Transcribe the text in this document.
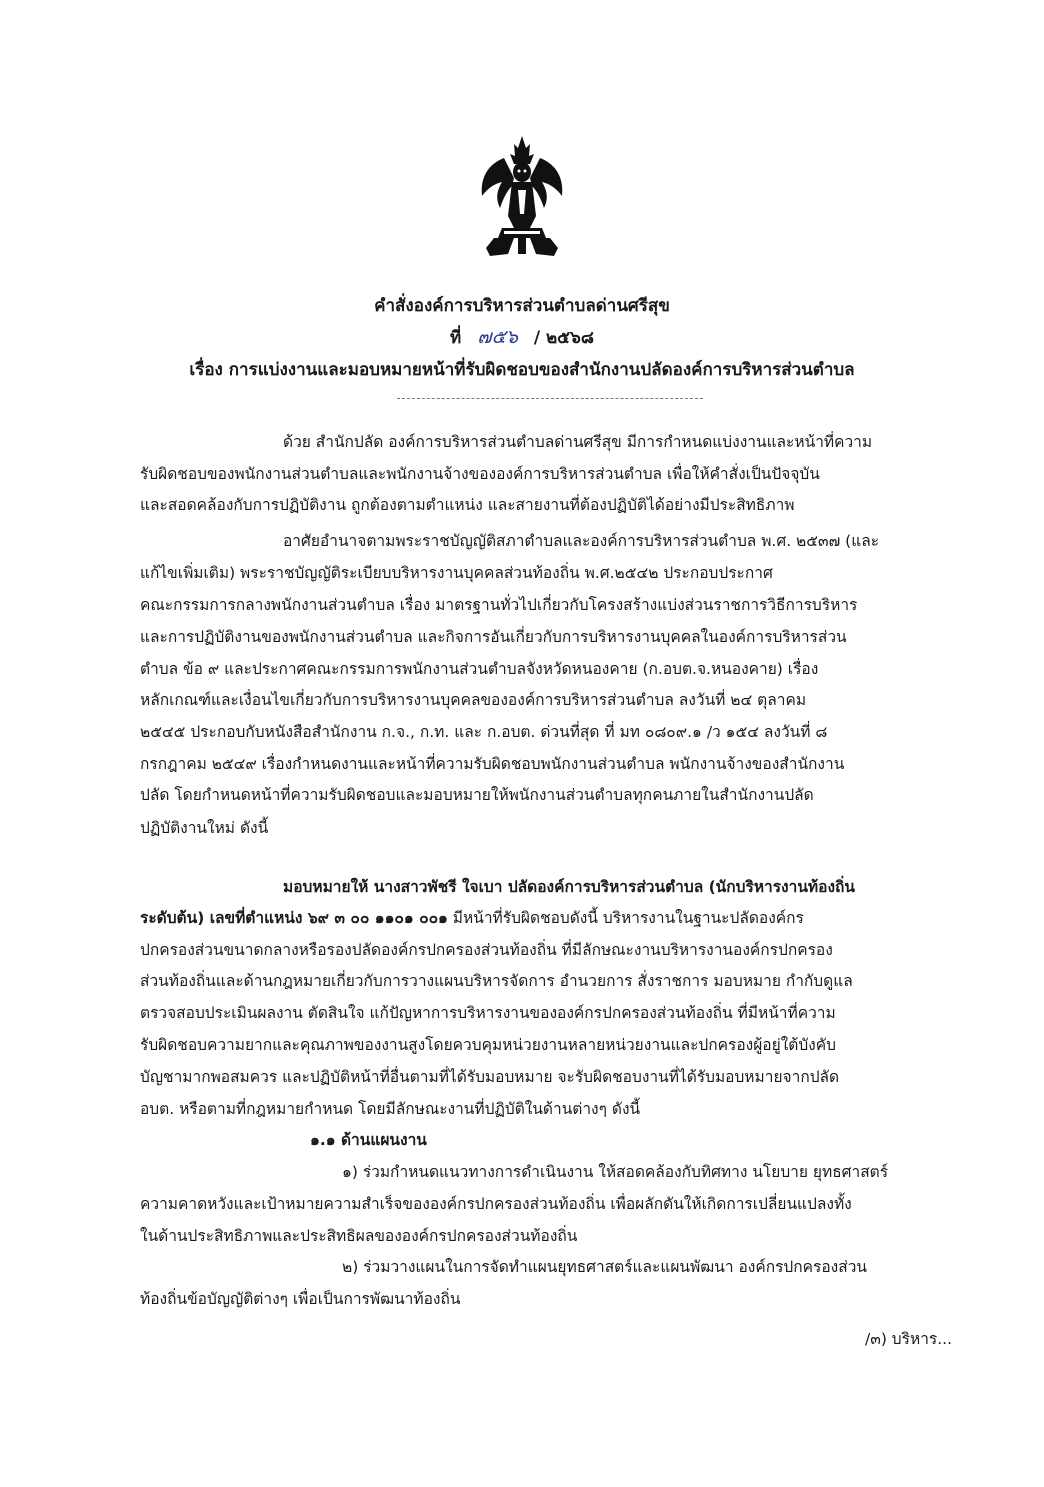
คำสั่งองค์การบริหารส่วนตำบลด่านศรีสุข
ที่ ๗๕๖ / ๒๕๖๘
เรื่อง การแบ่งงานและมอบหมายหน้าที่รับผิดชอบของสำนักงานปลัดองค์การบริหารส่วนตำบล
ด้วย สำนักปลัด องค์การบริหารส่วนตำบลด่านศรีสุข มีการกำหนดแบ่งงานและหน้าที่ความ
รับผิดชอบของพนักงานส่วนตำบลและพนักงานจ้างขององค์การบริหารส่วนตำบล เพื่อให้คำสั่งเป็นปัจจุบัน
และสอดคล้องกับการปฏิบัติงาน ถูกต้องตามตำแหน่ง และสายงานที่ต้องปฏิบัติได้อย่างมีประสิทธิภาพ
อาศัยอำนาจตามพระราชบัญญัติสภาตำบลและองค์การบริหารส่วนตำบล พ.ศ. ๒๕๓๗ (และ
แก้ไขเพิ่มเติม) พระราชบัญญัติระเบียบบริหารงานบุคคลส่วนท้องถิ่น พ.ศ.๒๕๔๒ ประกอบประกาศ
คณะกรรมการกลางพนักงานส่วนตำบล เรื่อง มาตรฐานทั่วไปเกี่ยวกับโครงสร้างแบ่งส่วนราชการวิธีการบริหาร
และการปฏิบัติงานของพนักงานส่วนตำบล และกิจการอันเกี่ยวกับการบริหารงานบุคคลในองค์การบริหารส่วน
ตำบล ข้อ ๙ และประกาศคณะกรรมการพนักงานส่วนตำบลจังหวัดหนองคาย (ก.อบต.จ.หนองคาย) เรื่อง
หลักเกณฑ์และเงื่อนไขเกี่ยวกับการบริหารงานบุคคลขององค์การบริหารส่วนตำบล ลงวันที่ ๒๔ ตุลาคม
๒๕๔๕ ประกอบกับหนังสือสำนักงาน ก.จ., ก.ท. และ ก.อบต. ด่วนที่สุด ที่ มท ๐๘๐๙.๑ /ว ๑๕๔ ลงวันที่ ๘
กรกฎาคม ๒๕๔๙ เรื่องกำหนดงานและหน้าที่ความรับผิดชอบพนักงานส่วนตำบล พนักงานจ้างของสำนักงาน
ปลัด โดยกำหนดหน้าที่ความรับผิดชอบและมอบหมายให้พนักงานส่วนตำบลทุกคนภายในสำนักงานปลัด
ปฏิบัติงานใหม่ ดังนี้
มอบหมายให้ นางสาวพัชรี ใจเบา ปลัดองค์การบริหารส่วนตำบล (นักบริหารงานท้องถิ่น
ระดับต้น) เลขที่ตำแหน่ง ๖๙ ๓ ๐๐ ๑๑๐๑ ๐๐๑ มีหน้าที่รับผิดชอบดังนี้ บริหารงานในฐานะปลัดองค์กร
ปกครองส่วนขนาดกลางหรือรองปลัดองค์กรปกครองส่วนท้องถิ่น ที่มีลักษณะงานบริหารงานองค์กรปกครอง
ส่วนท้องถิ่นและด้านกฎหมายเกี่ยวกับการวางแผนบริหารจัดการ อำนวยการ สั่งราชการ มอบหมาย กำกับดูแล
ตรวจสอบประเมินผลงาน ตัดสินใจ แก้ปัญหาการบริหารงานขององค์กรปกครองส่วนท้องถิ่น ที่มีหน้าที่ความ
รับผิดชอบความยากและคุณภาพของงานสูงโดยควบคุมหน่วยงานหลายหน่วยงานและปกครองผู้อยู่ใต้บังคับ
บัญชามากพอสมควร และปฏิบัติหน้าที่อื่นตามที่ได้รับมอบหมาย จะรับผิดชอบงานที่ได้รับมอบหมายจากปลัด
อบต. หรือตามที่กฎหมายกำหนด โดยมีลักษณะงานที่ปฏิบัติในด้านต่างๆ ดังนี้
๑.๑ ด้านแผนงาน
๑) ร่วมกำหนดแนวทางการดำเนินงาน ให้สอดคล้องกับทิศทาง นโยบาย ยุทธศาสตร์
ความคาดหวังและเป้าหมายความสำเร็จขององค์กรปกครองส่วนท้องถิ่น เพื่อผลักดันให้เกิดการเปลี่ยนแปลงทั้ง
ในด้านประสิทธิภาพและประสิทธิผลขององค์กรปกครองส่วนท้องถิ่น
๒) ร่วมวางแผนในการจัดทำแผนยุทธศาสตร์และแผนพัฒนา องค์กรปกครองส่วน
ท้องถิ่นข้อบัญญัติต่างๆ เพื่อเป็นการพัฒนาท้องถิ่น
/๓) บริหาร...
